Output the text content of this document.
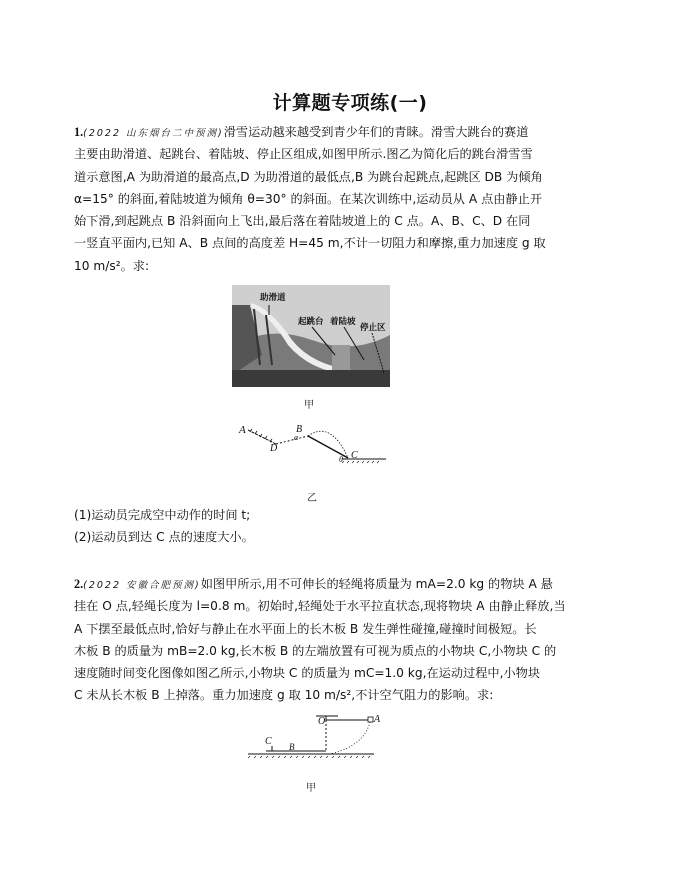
计算题专项练(一)
1.(2022 山东烟台二中预测)滑雪运动越来越受到青少年们的青睐。滑雪大跳台的赛道
主要由助滑道、起跳台、着陆坡、停止区组成,如图甲所示.图乙为简化后的跳台滑雪雪
道示意图,A 为助滑道的最高点,D 为助滑道的最低点,B 为跳台起跳点,起跳区 DB 为倾角
α=15° 的斜面,着陆坡道为倾角 θ=30° 的斜面。在某次训练中,运动员从 A 点由静止开
始下滑,到起跳点 B 沿斜面向上飞出,最后落在着陆坡道上的 C 点。A、B、C、D 在同
一竖直平面内,已知 A、B 点间的高度差 H=45 m,不计一切阻力和摩擦,重力加速度 g 取
10 m/s²。求:
助滑道
起跳台 着陆坡
停止区
甲
A
D
B
α
θ C
乙
(1)运动员完成空中动作的时间 t;
(2)运动员到达 C 点的速度大小。
2.(2022 安徽合肥预测)如图甲所示,用不可伸长的轻绳将质量为 mA=2.0 kg 的物块 A 悬
挂在 O 点,轻绳长度为 l=0.8 m。初始时,轻绳处于水平拉直状态,现将物块 A 由静止释放,当
A 下摆至最低点时,恰好与静止在水平面上的长木板 B 发生弹性碰撞,碰撞时间极短。长
木板 B 的质量为 mB=2.0 kg,长木板 B 的左端放置有可视为质点的小物块 C,小物块 C 的
速度随时间变化图像如图乙所示,小物块 C 的质量为 mC=1.0 kg,在运动过程中,小物块
C 未从长木板 B 上掉落。重力加速度 g 取 10 m/s²,不计空气阻力的影响。求:
O	A
C B
甲
